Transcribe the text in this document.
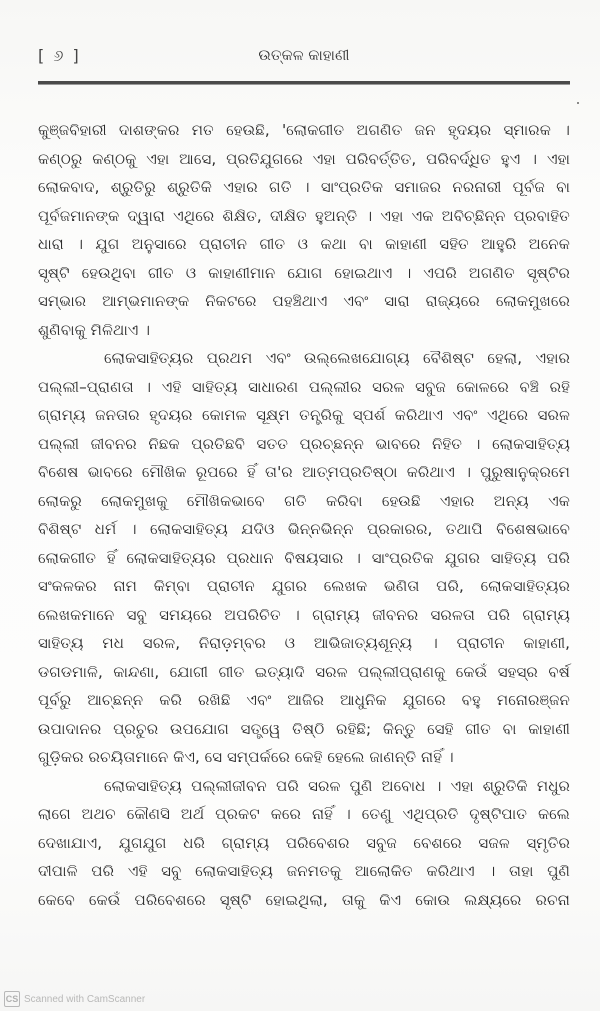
[ ୬ ]	ଉତ୍କଳ କାହାଣୀ
କୁଞ୍ଜବିହାରୀ ଦାଶଙ୍କର ମତ ହେଉଛି, 'ଲୋକଗୀତ ଅଗଣିତ ଜନ ହୃଦୟର ସ୍ମାରକ ।
କଣ୍ଠରୁ କଣ୍ଠକୁ ଏହା ଆସେ, ପ୍ରତିଯୁଗରେ ଏହା ପରିବର୍ତ୍ତିତ, ପରିବର୍ଦ୍ଧିତ ହୁଏ । ଏହା
ଲୋକବାଦ, ଶ୍ରୁତିରୁ ଶ୍ରୁତିକି ଏହାର ଗତି । ସାଂପ୍ରତିକ ସମାଜର ନରନାରୀ ପୂର୍ବଜ ବା
ପୂର୍ବଜମାନଙ୍କ ଦ୍ୱାରା ଏଥିରେ ଶିକ୍ଷିତ, ଦୀକ୍ଷିତ ହୁଅନ୍ତି । ଏହା ଏକ ଅବିଚ୍ଛିନ୍ନ ପ୍ରବାହିତ
ଧାରା । ଯୁଗ ଅନୁସାରେ ପ୍ରାଚୀନ ଗୀତ ଓ କଥା ବା କାହାଣୀ ସହିତ ଆହୁରି ଅନେକ
ସୃଷ୍ଟି ହେଉଥିବା ଗୀତ ଓ କାହାଣୀମାନ ଯୋଗ ହୋଇଥାଏ । ଏପରି ଅଗଣିତ ସୃଷ୍ଟିର
ସମ୍ଭାର ଆମ୍ଭମାନଙ୍କ ନିକଟରେ ପହଞ୍ଚିଥାଏ ଏବଂ ସାରା ରାଜ୍ୟରେ ଲୋକମୁଖରେ
ଶୁଣିବାକୁ ମିଳିଥାଏ ।
ଲୋକସାହିତ୍ୟର ପ୍ରଥମ ଏବଂ ଉଲ୍ଲେଖଯୋଗ୍ୟ ବୈଶିଷ୍ଟ ହେଲା, ଏହାର
ପଲ୍ଲୀ–ପ୍ରାଣତା । ଏହି ସାହିତ୍ୟ ସାଧାରଣ ପଲ୍ଲୀର ସରଳ ସବୁଜ କୋଳରେ ବଞ୍ଚି ରହି
ଗ୍ରାମ୍ୟ ଜନତାର ହୃଦୟର କୋମଳ ସୂକ୍ଷ୍ମ ତନ୍ତ୍ରିକୁ ସ୍ପର୍ଶ କରିଥାଏ ଏବଂ ଏଥିରେ ସରଳ
ପଲ୍ଲୀ ଜୀବନର ନିଛକ ପ୍ରତିଛବି ସତତ ପ୍ରଚ୍ଛନ୍ନ ଭାବରେ ନିହିତ । ଲୋକସାହିତ୍ୟ
ବିଶେଷ ଭାବରେ ମୌଖିକ ରୂପରେ ହିଁ ତା'ର ଆତ୍ମପ୍ରତିଷ୍ଠା କରିଥାଏ । ପୁରୁଷାନୁକ୍ରମେ
ଲୋକରୁ ଲୋକମୁଖକୁ ମୌଖିକଭାବେ ଗତି କରିବା ହେଉଛି ଏହାର ଅନ୍ୟ ଏକ
ବିଶିଷ୍ଟ ଧର୍ମ । ଲୋକସାହିତ୍ୟ ଯଦିଓ ଭିନ୍ନଭିନ୍ନ ପ୍ରକାରର, ତଥାପି ବିଶେଷଭାବେ
ଲୋକଗୀତ ହିଁ ଲୋକସାହିତ୍ୟର ପ୍ରଧାନ ବିଷୟସାର । ସାଂପ୍ରତିକ ଯୁଗର ସାହିତ୍ୟ ପରି
ସଂକଳକର ନାମ କିମ୍ବା ପ୍ରାଚୀନ ଯୁଗର ଲେଖକ ଭଣିତା ପରି, ଲୋକସାହିତ୍ୟର
ଲେଖକମାନେ ସବୁ ସମୟରେ ଅପରିଚିତ । ଗ୍ରାମ୍ୟ ଜୀବନର ସରଳତା ପରି ଗ୍ରାମ୍ୟ
ସାହିତ୍ୟ ମଧ ସରଳ, ନିରାଡ଼ମ୍ବର ଓ ଆଭିଜାତ୍ୟଶୂନ୍ୟ । ପ୍ରାଚୀନ କାହାଣୀ,
ଡଗଡମାଳି, କାନ୍ଦଣା, ଯୋଗୀ ଗୀତ ଇତ୍ୟାଦି ସରଳ ପଲ୍ଲୀପ୍ରାଣକୁ କେଉଁ ସହସ୍ର ବର୍ଷ
ପୂର୍ବରୁ ଆଚ୍ଛନ୍ନ କରି ରଖିଛି ଏବଂ ଆଜିର ଆଧୁନିକ ଯୁଗରେ ବହୁ ମନୋରଞ୍ଜନ
ଉପାଦାନର ପ୍ରଚୁର ଉପଯୋଗ ସତ୍ତ୍ୱେ ତିଷ୍ଠି ରହିଛି; କିନ୍ତୁ ସେହି ଗୀତ ବା କାହାଣୀ
ଗୁଡ଼ିକର ରଚୟିତାମାନେ କିଏ, ସେ ସମ୍ପର୍କରେ କେହି ହେଲେ ଜାଣନ୍ତି ନାହିଁ ।
ଲୋକସାହିତ୍ୟ ପଲ୍ଲୀଜୀବନ ପରି ସରଳ ପୁଣି ଅବୋଧ । ଏହା ଶ୍ରୁତିକି ମଧୁର
ଲାଗେ ଅଥଚ କୌଣସି ଅର୍ଥ ପ୍ରକଟ କରେ ନାହିଁ । ତେଣୁ ଏଥିପ୍ରତି ଦୃଷ୍ଟିପାତ କଲେ
ଦେଖାଯାଏ, ଯୁଗଯୁଗ ଧରି ଗ୍ରାମ୍ୟ ପରିବେଶର ସବୁଜ ବେଶରେ ସଜଳ ସ୍ମୃତିର
ଦୀପାଳି ପରି ଏହି ସବୁ ଲୋକସାହିତ୍ୟ ଜନମତକୁ ଆଲୋକିତ କରିଥାଏ । ତାହା ପୁଣି
କେବେ କେଉଁ ପରିବେଶରେ ସୃଷ୍ଟି ହୋଇଥିଲା, ତାକୁ କିଏ କୋଉ ଲକ୍ଷ୍ୟରେ ରଚନା
CS Scanned with CamScanner
